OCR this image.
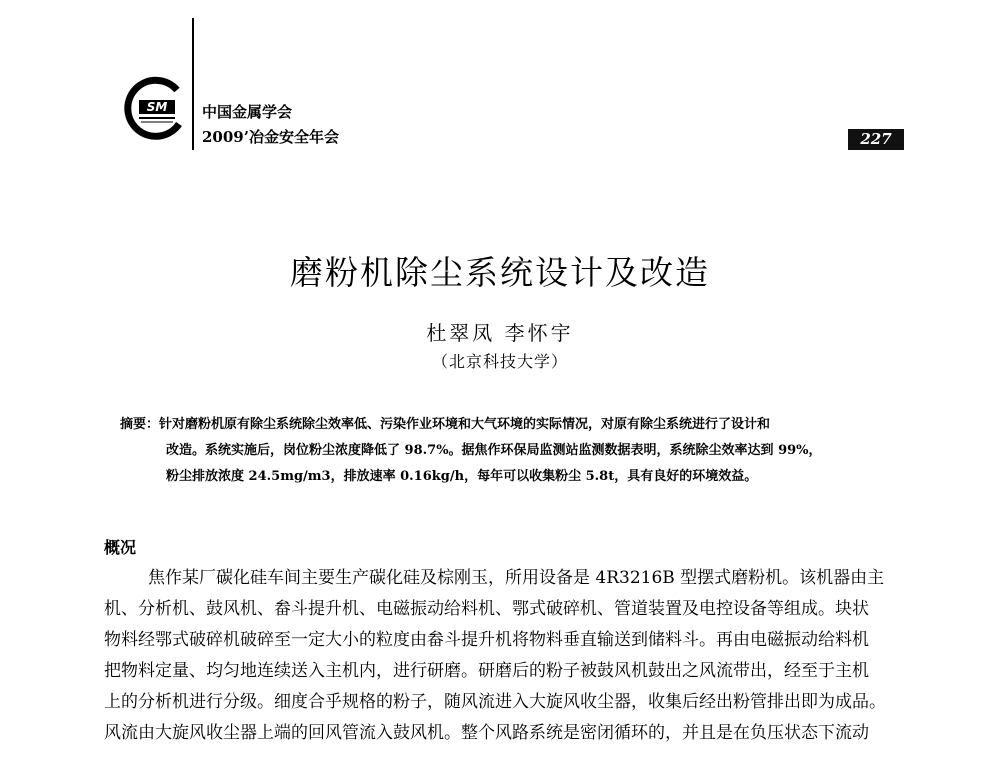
SM 中国金属学会
2009’冶金安全年会	227
磨粉机除尘系统设计及改造
杜翠凤 李怀宇
（北京科技大学）
摘要：针对磨粉机原有除尘系统除尘效率低、污染作业环境和大气环境的实际情况，对原有除尘系统进行了设计和
改造。系统实施后，岗位粉尘浓度降低了 98.7%。据焦作环保局监测站监测数据表明，系统除尘效率达到 99%，
粉尘排放浓度 24.5mg/m3，排放速率 0.16kg/h，每年可以收集粉尘 5.8t，具有良好的环境效益。
概况
焦作某厂碳化硅车间主要生产碳化硅及棕刚玉，所用设备是 4R3216B 型摆式磨粉机。该机器由主
机、分析机、鼓风机、畚斗提升机、电磁振动给料机、鄂式破碎机、管道装置及电控设备等组成。块状
物料经鄂式破碎机破碎至一定大小的粒度由畚斗提升机将物料垂直输送到储料斗。再由电磁振动给料机
把物料定量、均匀地连续送入主机内，进行研磨。研磨后的粉子被鼓风机鼓出之风流带出，经至于主机
上的分析机进行分级。细度合乎规格的粉子，随风流进入大旋风收尘器，收集后经出粉管排出即为成品。
风流由大旋风收尘器上端的回风管流入鼓风机。整个风路系统是密闭循环的，并且是在负压状态下流动
